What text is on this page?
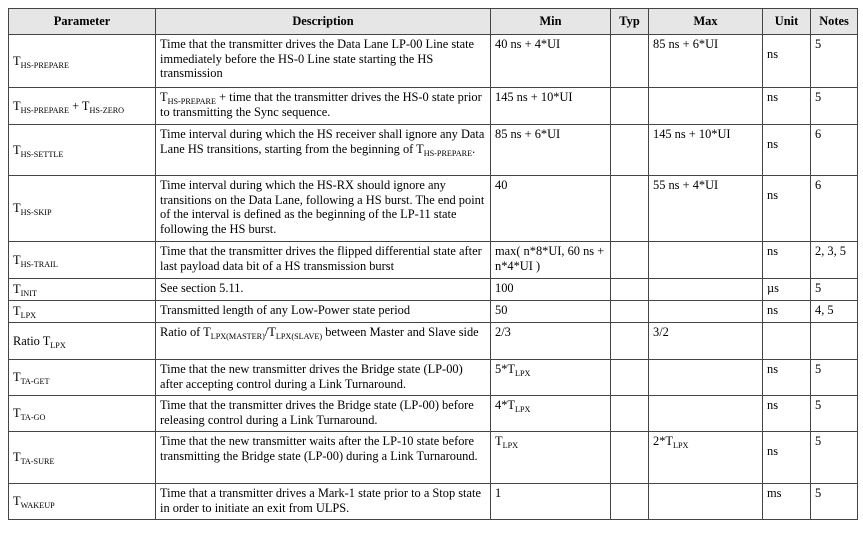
Parameter	Description	Min	Typ	Max	Unit	Notes
$T_{HS-PREPARE}$	Time that the transmitter drives the Data Lane LP-00 Line state immediately before the HS-0 Line state starting the HS transmission	40 ns + 4*UI		85 ns + 6*UI	ns	5
$T_{HS-PREPARE} + T_{HS-ZERO}$	$T_{HS-PREPARE}$ + time that the transmitter drives the HS-0 state prior to transmitting the Sync sequence.	145 ns + 10*UI			ns	5
$T_{HS-SETTLE}$	Time interval during which the HS receiver shall ignore any Data Lane HS transitions, starting from the beginning of $T_{HS-PREPARE}$.	85 ns + 6*UI		145 ns + 10*UI	ns	6
$T_{HS-SKIP}$	Time interval during which the HS-RX should ignore any transitions on the Data Lane, following a HS burst. The end point of the interval is defined as the beginning of the LP-11 state following the HS burst.	40		55 ns + 4*UI	ns	6
$T_{HS-TRAIL}$	Time that the transmitter drives the flipped differential state after last payload data bit of a HS transmission burst	max( n*8*UI, 60 ns + n*4*UI )			ns	2, 3, 5
$T_{INIT}$	See section 5.11.	100			µs	5
$T_{LPX}$	Transmitted length of any Low-Power state period	50			ns	4, 5
Ratio $T_{LPX}$	Ratio of $T_{LPX(MASTER)}/T_{LPX(SLAVE)}$ between Master and Slave side	2/3		3/2		
$T_{TA-GET}$	Time that the new transmitter drives the Bridge state (LP-00) after accepting control during a Link Turnaround.	$5*T_{LPX}$			ns	5
$T_{TA-GO}$	Time that the transmitter drives the Bridge state (LP-00) before releasing control during a Link Turnaround.	$4*T_{LPX}$			ns	5
$T_{TA-SURE}$	Time that the new transmitter waits after the LP-10 state before transmitting the Bridge state (LP-00) during a Link Turnaround.	$T_{LPX}$		$2*T_{LPX}$	ns	5
$T_{WAKEUP}$	Time that a transmitter drives a Mark-1 state prior to a Stop state in order to initiate an exit from ULPS.	1			ms	5
